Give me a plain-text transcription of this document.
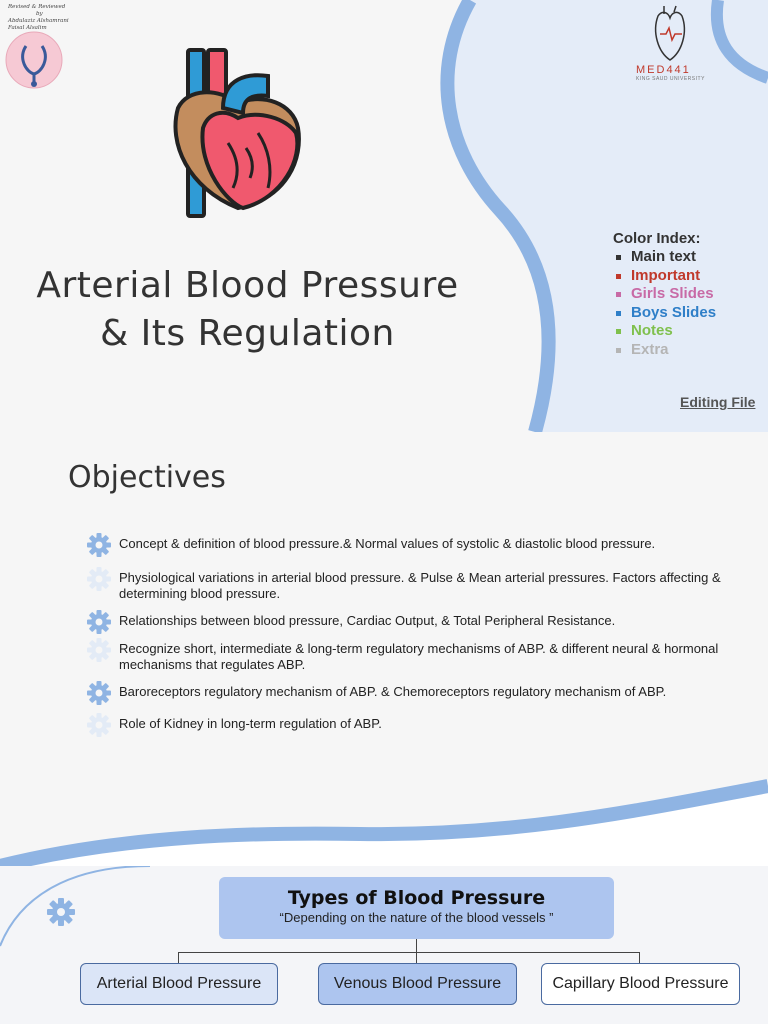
Revised & Reviewed
by
Abdulaziz Alshamrani
Faisal Alsalim
Arterial Blood Pressure
& Its Regulation
MED441
KING SAUD UNIVERSITY
Color Index:
Main text
Important
Girls Slides
Boys Slides
Notes
Extra
Editing File
Objectives
Concept & definition of blood pressure.& Normal values of systolic & diastolic blood pressure.
Physiological variations in arterial blood pressure. & Pulse & Mean arterial pressures. Factors affecting & determining blood pressure.
Relationships between blood pressure, Cardiac Output, & Total Peripheral Resistance.
Recognize short, intermediate & long-term regulatory mechanisms of ABP. & different neural & hormonal mechanisms that regulates ABP.
Baroreceptors regulatory mechanism of ABP. & Chemoreceptors regulatory mechanism of ABP.
Role of Kidney in long-term regulation of ABP.
Types of Blood Pressure
“Depending on the nature of the blood vessels ”
Arterial Blood Pressure	Venous Blood Pressure	Capillary Blood Pressure
